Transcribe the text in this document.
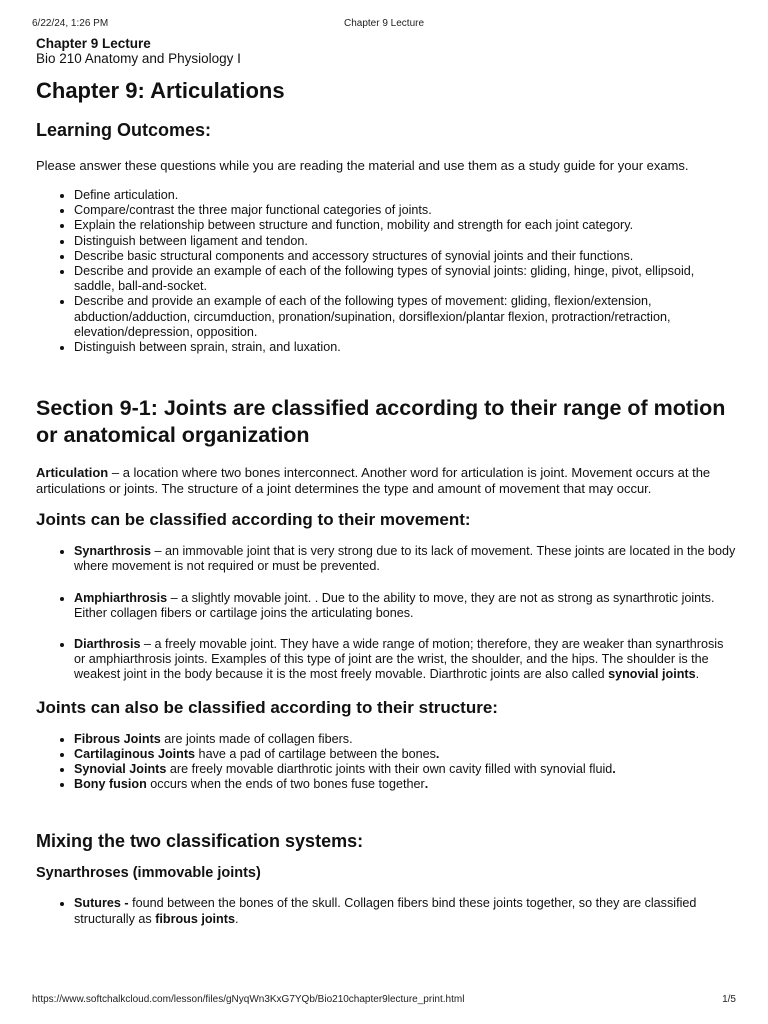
6/22/24, 1:26 PM	Chapter 9 Lecture

Chapter 9 Lecture

Bio 210 Anatomy and Physiology I

Chapter 9: Articulations
Learning Outcomes:

Please answer these questions while you are reading the material and use them as a study guide for your exams.

• Define articulation.
• Compare/contrast the three major functional categories of joints.
• Explain the relationship between structure and function, mobility and strength for each joint category.
• Distinguish between ligament and tendon.
• Describe basic structural components and accessory structures of synovial joints and their functions.
• Describe and provide an example of each of the following types of synovial joints: gliding, hinge, pivot, ellipsoid, saddle, ball-and-socket.
• Describe and provide an example of each of the following types of movement: gliding, flexion/extension, abduction/adduction, circumduction, pronation/supination, dorsiflexion/plantar flexion, protraction/retraction, elevation/depression, opposition.
• Distinguish between sprain, strain, and luxation.

Section 9-1: Joints are classified according to their range of motion or anatomical organization

Articulation – a location where two bones interconnect. Another word for articulation is joint. Movement occurs at the articulations or joints. The structure of a joint determines the type and amount of movement that may occur.

Joints can be classified according to their movement:
• Synarthrosis – an immovable joint that is very strong due to its lack of movement. These joints are located in the body where movement is not required or must be prevented.
• Amphiarthrosis – a slightly movable joint. . Due to the ability to move, they are not as strong as synarthrotic joints. Either collagen fibers or cartilage joins the articulating bones.
• Diarthrosis – a freely movable joint. They have a wide range of motion; therefore, they are weaker than synarthrosis or amphiarthrosis joints. Examples of this type of joint are the wrist, the shoulder, and the hips. The shoulder is the weakest joint in the body because it is the most freely movable. Diarthrotic joints are also called synovial joints.
Joints can also be classified according to their structure:
• Fibrous Joints are joints made of collagen fibers.
• Cartilaginous Joints have a pad of cartilage between the bones.
• Synovial Joints are freely movable diarthrotic joints with their own cavity filled with synovial fluid.
• Bony fusion occurs when the ends of two bones fuse together.
Mixing the two classification systems:
Synarthroses (immovable joints)
• Sutures - found between the bones of the skull. Collagen fibers bind these joints together, so they are classified structurally as fibrous joints.
https://www.softchalkcloud.com/lesson/files/gNyqWn3KxG7YQb/Bio210chapter9lecture_print.html	1/5
